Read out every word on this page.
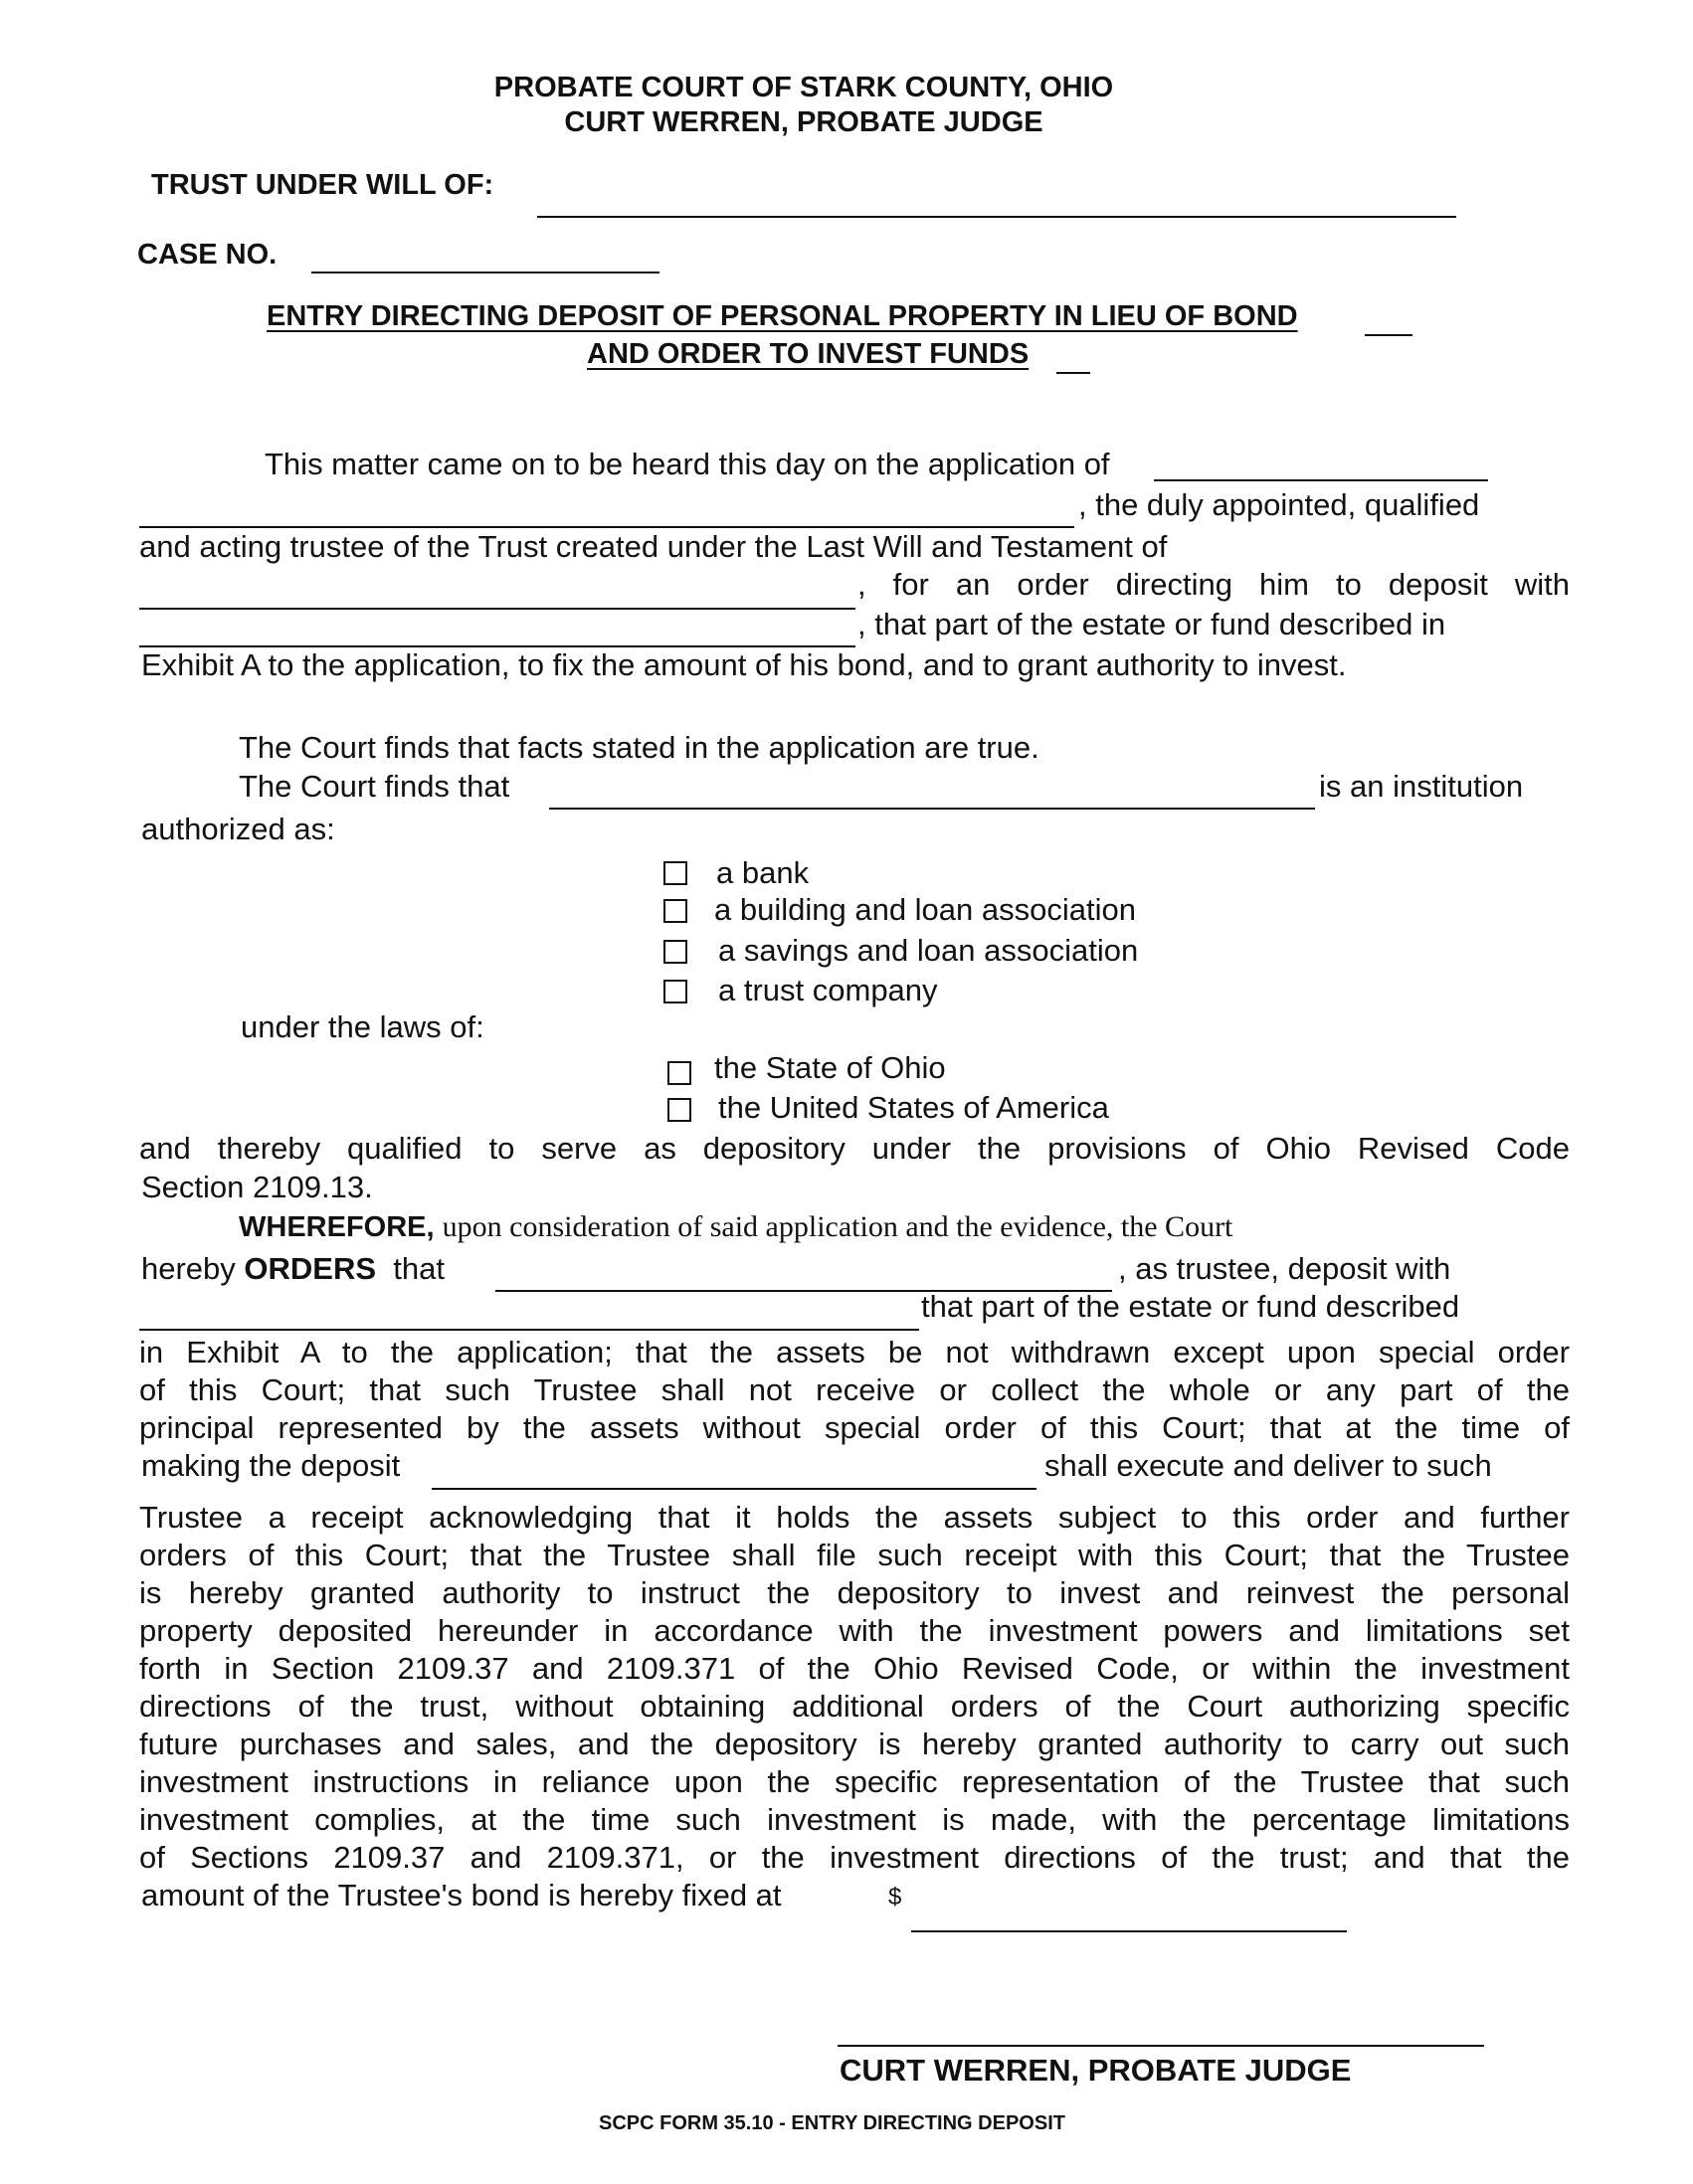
PROBATE COURT OF STARK COUNTY, OHIO
CURT WERREN, PROBATE JUDGE
TRUST UNDER WILL OF:
CASE NO.
ENTRY DIRECTING DEPOSIT OF PERSONAL PROPERTY IN LIEU OF BOND
AND ORDER TO INVEST FUNDS
This matter came on to be heard this day on the application of
, the duly appointed, qualified
and acting trustee of the Trust created under the Last Will and Testament of
, for an order directing him to deposit with
, that part of the estate or fund described in
Exhibit A to the application, to fix the amount of his bond, and to grant authority to invest.
The Court finds that facts stated in the application are true.
The Court finds that	is an institution
authorized as:
a bank
a building and loan association
a savings and loan association
a trust company
under the laws of:
the State of Ohio
the United States of America
and thereby qualified to serve as depository under the provisions of Ohio Revised Code
Section 2109.13.
WHEREFORE, upon consideration of said application and the evidence, the Court
hereby ORDERS that	, as trustee, deposit with
that part of the estate or fund described
in Exhibit A to the application; that the assets be not withdrawn except upon special order
of this Court; that such Trustee shall not receive or collect the whole or any part of the
principal represented by the assets without special order of this Court; that at the time of
making the deposit	shall execute and deliver to such
Trustee a receipt acknowledging that it holds the assets subject to this order and further
orders of this Court; that the Trustee shall file such receipt with this Court; that the Trustee
is hereby granted authority to instruct the depository to invest and reinvest the personal
property deposited hereunder in accordance with the investment powers and limitations set
forth in Section 2109.37 and 2109.371 of the Ohio Revised Code, or within the investment
directions of the trust, without obtaining additional orders of the Court authorizing specific
future purchases and sales, and the depository is hereby granted authority to carry out such
investment instructions in reliance upon the specific representation of the Trustee that such
investment complies, at the time such investment is made, with the percentage limitations
of Sections 2109.37 and 2109.371, or the investment directions of the trust; and that the
amount of the Trustee's bond is hereby fixed at	$
CURT WERREN, PROBATE JUDGE
SCPC FORM 35.10 - ENTRY DIRECTING DEPOSIT
